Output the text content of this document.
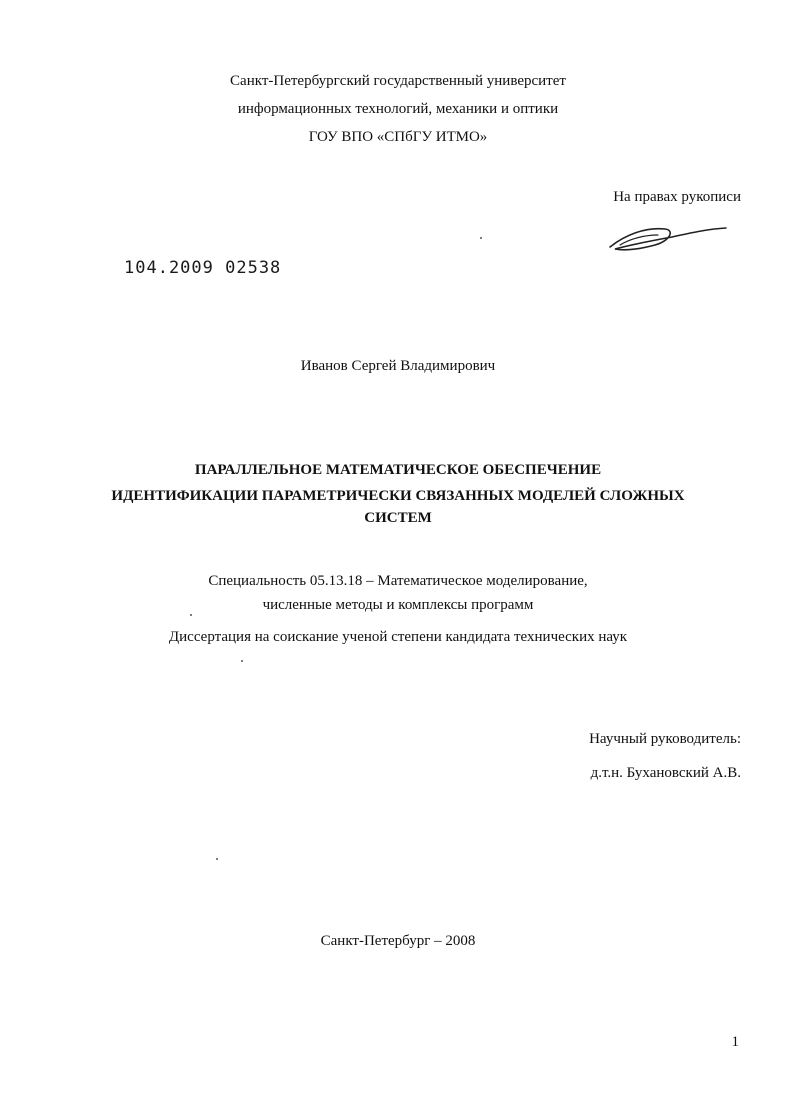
Санкт-Петербургский государственный университет
информационных технологий, механики и оптики
ГОУ ВПО «СПбГУ ИТМО»
На правах рукописи
104.2009 02538
Иванов Сергей Владимирович
ПАРАЛЛЕЛЬНОЕ МАТЕМАТИЧЕСКОЕ ОБЕСПЕЧЕНИЕ
ИДЕНТИФИКАЦИИ ПАРАМЕТРИЧЕСКИ СВЯЗАННЫХ МОДЕЛЕЙ СЛОЖНЫХ
СИСТЕМ
Специальность 05.13.18 – Математическое моделирование,
численные методы и комплексы программ
Диссертация на соискание ученой степени кандидата технических наук
Научный руководитель:
д.т.н. Бухановский А.В.
Санкт-Петербург – 2008
1
